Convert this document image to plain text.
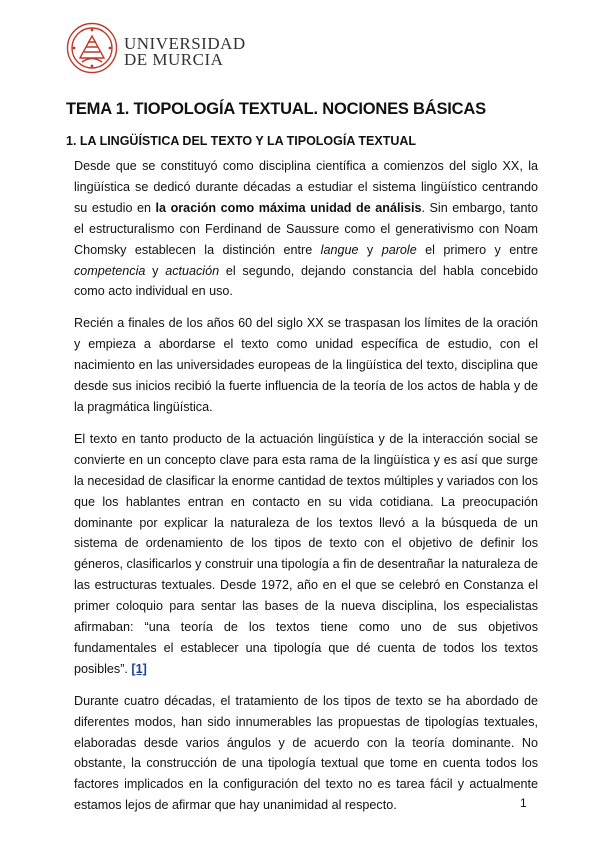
UNIVERSIDAD
DE MURCIA
TEMA 1. TIOPOLOGÍA TEXTUAL. NOCIONES BÁSICAS
1. LA LINGÜÍSTICA DEL TEXTO Y LA TIPOLOGÍA TEXTUAL

Desde que se constituyó como disciplina científica a comienzos del siglo XX, la lingüística se dedicó durante décadas a estudiar el sistema lingüístico centrando su estudio en la oración como máxima unidad de análisis. Sin embargo, tanto el estructuralismo con Ferdinand de Saussure como el generativismo con Noam Chomsky establecen la distinción entre langue y parole el primero y entre competencia y actuación el segundo, dejando constancia del habla concebido como acto individual en uso.

Recién a finales de los años 60 del siglo XX se traspasan los límites de la oración y empieza a abordarse el texto como unidad específica de estudio, con el nacimiento en las universidades europeas de la lingüística del texto, disciplina que desde sus inicios recibió la fuerte influencia de la teoría de los actos de habla y de la pragmática lingüística.

El texto en tanto producto de la actuación lingüística y de la interacción social se convierte en un concepto clave para esta rama de la lingüística y es así que surge la necesidad de clasificar la enorme cantidad de textos múltiples y variados con los que los hablantes entran en contacto en su vida cotidiana. La preocupación dominante por explicar la naturaleza de los textos llevó a la búsqueda de un sistema de ordenamiento de los tipos de texto con el objetivo de definir los géneros, clasificarlos y construir una tipología a fin de desentrañar la naturaleza de las estructuras textuales. Desde 1972, año en el que se celebró en Constanza el primer coloquio para sentar las bases de la nueva disciplina, los especialistas afirmaban: “una teoría de los textos tiene como uno de sus objetivos fundamentales el establecer una tipología que dé cuenta de todos los textos posibles”. [1]

Durante cuatro décadas, el tratamiento de los tipos de texto se ha abordado de diferentes modos, han sido innumerables las propuestas de tipologías textuales, elaboradas desde varios ángulos y de acuerdo con la teoría dominante. No obstante, la construcción de una tipología textual que tome en cuenta todos los factores implicados en la configuración del texto no es tarea fácil y actualmente estamos lejos de afirmar que hay unanimidad al respecto.	1
